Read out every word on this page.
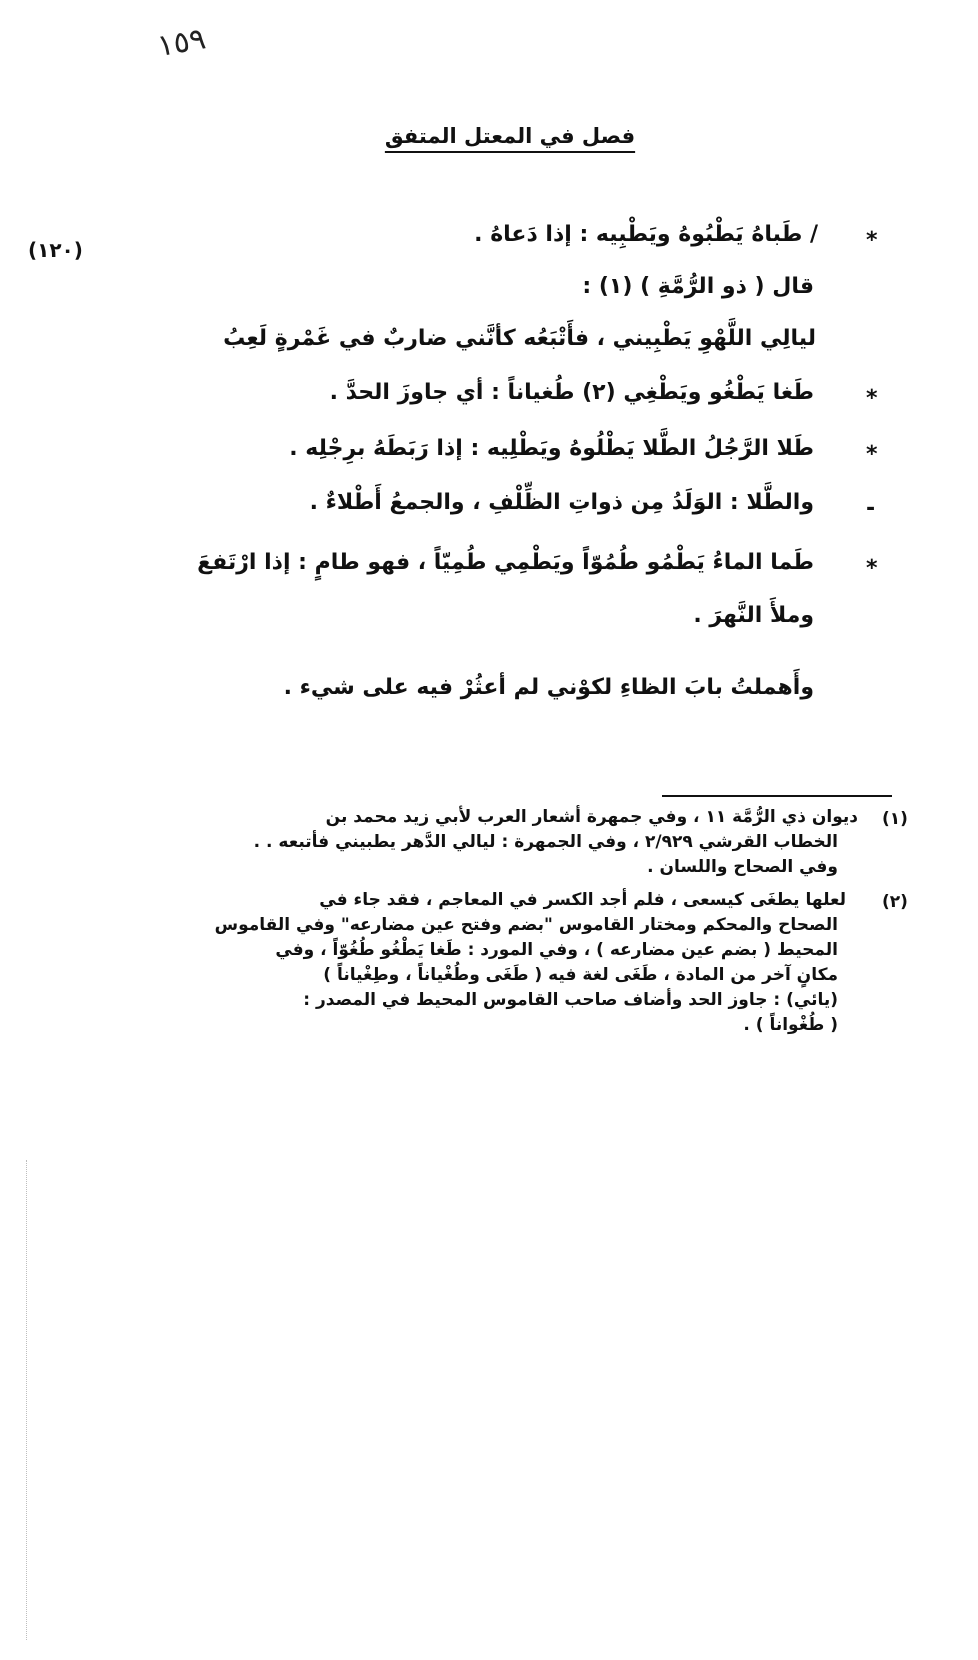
١٥٩
فصل في المعتل المتفق
(١٢٠)	*
/ طَباهُ يَطْبُوهُ ويَطْبِيه : إذا دَعاهُ .
قال ( ذو الرُّمَّةِ ) (١) :
ليالِي اللَّهْوِ يَطْبِيني ، فأَتْبَعُه كأنَّني ضاربٌ في غَمْرةٍ لَعِبُ
*
طَغا يَطْغُو ويَطْغِي (٢) طُغياناً : أي جاوزَ الحدَّ .
*
طَلا الرَّجُلُ الطَّلا يَطْلُوهُ ويَطْلِيه : إذا رَبَطَهُ برِجْلِه .
-
والطَّلا : الوَلَدُ مِن ذواتِ الظِّلْفِ ، والجمعُ أَطْلاءٌ .
*
طَما الماءُ يَطْمُو طُمُوّاً ويَطْمِي طُمِيّاً ، فهو طامٍ : إذا ارْتَفعَ
وملأَ النَّهرَ .
وأَهملتُ بابَ الظاءِ لكوْني لم أعثُرْ فيه على شيء .
(١)
ديوان ذي الرُّمَّة ١١ ، وفي جمهرة أشعار العرب لأبي زيد محمد بن
الخطاب القرشي ٢/٩٢٩ ، وفي الجمهرة : ليالي الدَّهر يطبيني فأتبعه . .
وفي الصحاح واللسان .
(٢)
لعلها يطغَى كيسعى ، فلم أجد الكسر في المعاجم ، فقد جاء في
الصحاح والمحكم ومختار القاموس "بضم وفتح عين مضارعه" وفي القاموس
المحيط ( بضم عين مضارعه ) ، وفي المورد : طَغا يَطْغُو طُغُوّاً ، وفي
مكانٍ آخر من المادة ، طَغَى لغة فيه ( طَغَى وطُغْياناً ، وطِغْياناً )
(يائي) : جاوز الحد وأضاف صاحب القاموس المحيط في المصدر :
( طُغْواناً ) .
